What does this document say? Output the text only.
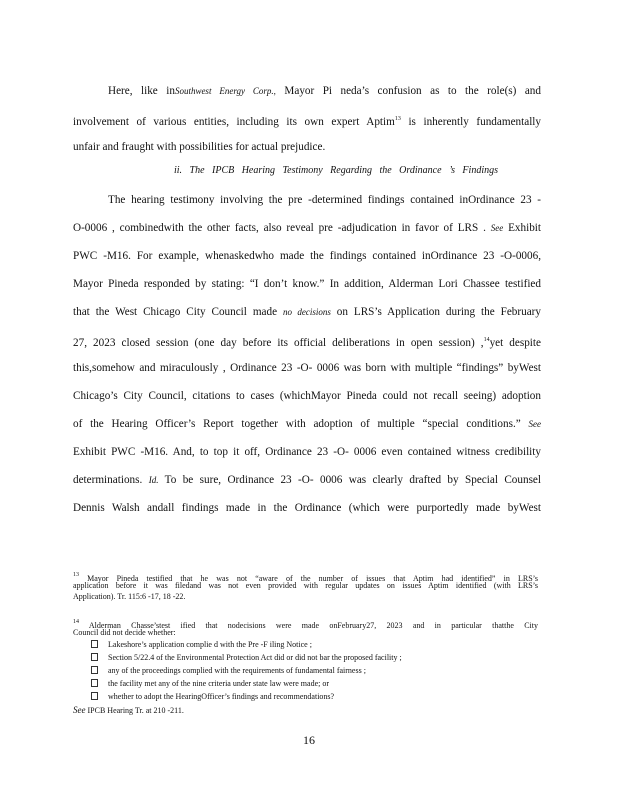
Here, like inSouthwest Energy Corp., Mayor Pi neda’s confusion as to the role(s) and
involvement of various entities, including its own expert Aptim$^{13}$ is inherently fundamentally
unfair and fraught with possibilities for actual prejudice.
ii. The IPCB Hearing Testimony Regarding the Ordinance ’s Findings
The hearing testimony involving the pre -determined findings contained inOrdinance 23 -
O-0006 , combinedwith the other facts, also reveal pre -adjudication in favor of LRS . See Exhibit
PWC -M16. For example, whenaskedwho made the findings contained inOrdinance 23 -O-0006,
Mayor Pineda responded by stating: “I don’t know.” In addition, Alderman Lori Chassee testified
that the West Chicago City Council made no decisions on LRS’s Application during the February
27, 2023 closed session (one day before its official deliberations in open session) ,$^{14}$yet despite
this,somehow and miraculously , Ordinance 23 -O- 0006 was born with multiple “findings” byWest
Chicago’s City Council, citations to cases (whichMayor Pineda could not recall seeing) adoption
of the Hearing Officer’s Report together with adoption of multiple “special conditions.” See
Exhibit PWC -M16. And, to top it off, Ordinance 23 -O- 0006 even contained witness credibility
determinations. Id. To be sure, Ordinance 23 -O- 0006 was clearly drafted by Special Counsel
Dennis Walsh andall findings made in the Ordinance (which were purportedly made byWest
$^{13}$ Mayor Pineda testified that he was not “aware of the number of issues that Aptim had identified” in LRS’s
application before it was filedand was not even provided with regular updates on issues Aptim identified (with LRS’s
Application). Tr. 115:6 -17, 18 -22.
$^{14}$ Alderman Chasse’stest ified that nodecisions were made onFebruary27, 2023 and in particular thatthe City
Council did not decide whether:
Lakeshore’s application complie d with the Pre -F iling Notice ;
Section 5/22.4 of the Environmental Protection Act did or did not bar the proposed facility ;
any of the proceedings complied with the requirements of fundamental fairness ;
the facility met any of the nine criteria under state law were made; or
whether to adopt the HearingOfficer’s findings and recommendations?
See IPCB Hearing Tr. at 210 -211.
16
